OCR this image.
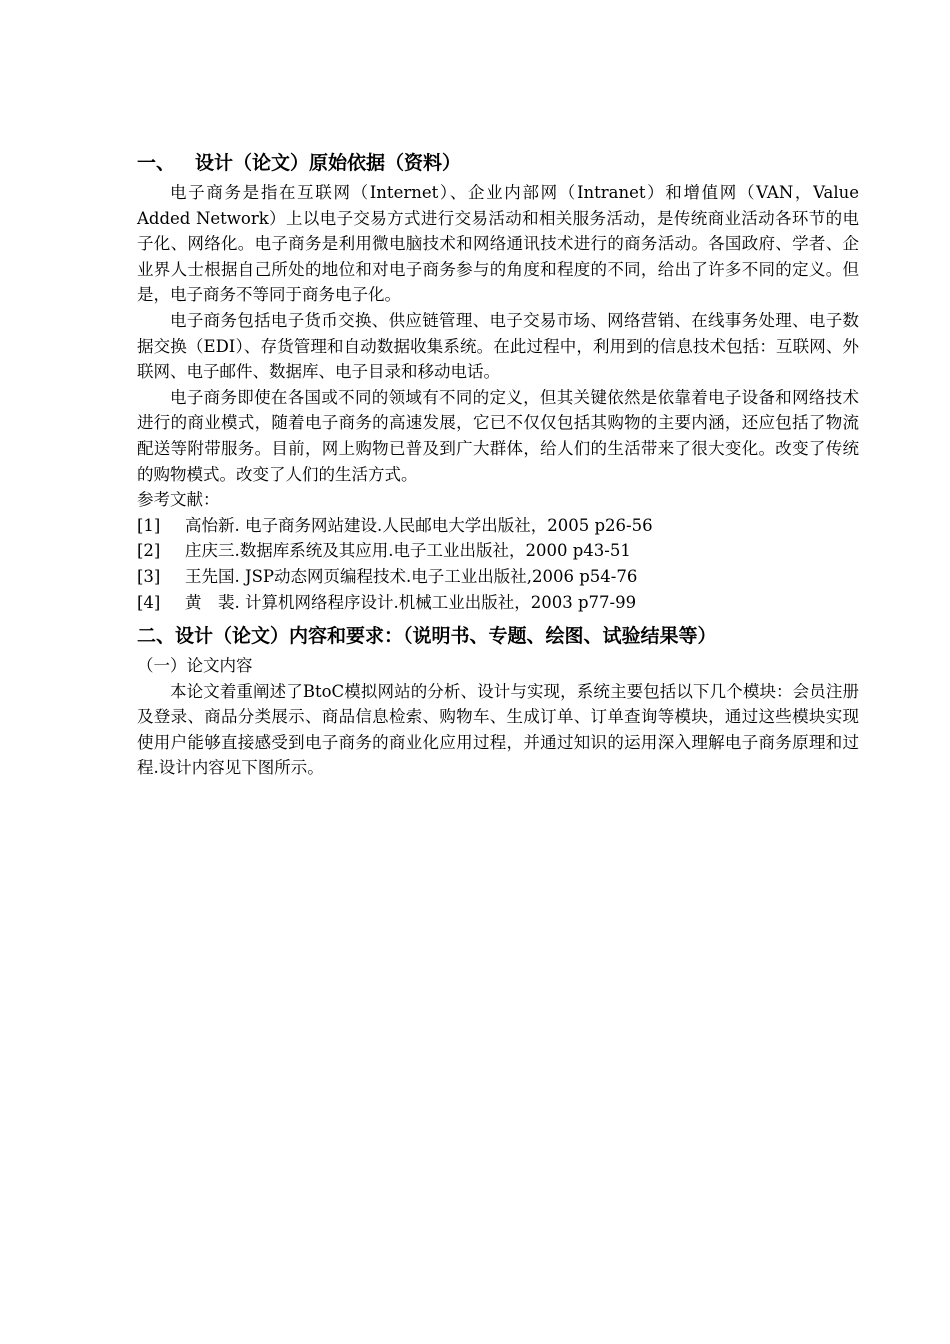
一、 设计（论文）原始依据（资料）

电子商务是指在互联网（Internet）、企业内部网（Intranet）和增值网（VAN，Value Added Network）上以电子交易方式进行交易活动和相关服务活动，是传统商业活动各环节的电子化、网络化。电子商务是利用微电脑技术和网络通讯技术进行的商务活动。各国政府、学者、企业界人士根据自己所处的地位和对电子商务参与的角度和程度的不同，给出了许多不同的定义。但是，电子商务不等同于商务电子化。

电子商务包括电子货币交换、供应链管理、电子交易市场、网络营销、在线事务处理、电子数据交换（EDI）、存货管理和自动数据收集系统。在此过程中，利用到的信息技术包括：互联网、外联网、电子邮件、数据库、电子目录和移动电话。

电子商务即使在各国或不同的领域有不同的定义，但其关键依然是依靠着电子设备和网络技术进行的商业模式，随着电子商务的高速发展，它已不仅仅包括其购物的主要内涵，还应包括了物流配送等附带服务。目前，网上购物已普及到广大群体，给人们的生活带来了很大变化。改变了传统的购物模式。改变了人们的生活方式。

参考文献：

[1] 高怡新. 电子商务网站建设.人民邮电大学出版社，2005 p26-56
[2] 庄庆三.数据库系统及其应用.电子工业出版社，2000 p43-51
[3] 王先国. JSP动态网页编程技术.电子工业出版社,2006 p54-76
[4] 黄　裴. 计算机网络程序设计.机械工业出版社，2003 p77-99
二、设计（论文）内容和要求：（说明书、专题、绘图、试验结果等）

（一）论文内容

本论文着重阐述了BtoC模拟网站的分析、设计与实现，系统主要包括以下几个模块：会员注册及登录、商品分类展示、商品信息检索、购物车、生成订单、订单查询等模块，通过这些模块实现使用户能够直接感受到电子商务的商业化应用过程，并通过知识的运用深入理解电子商务原理和过程.设计内容见下图所示。
